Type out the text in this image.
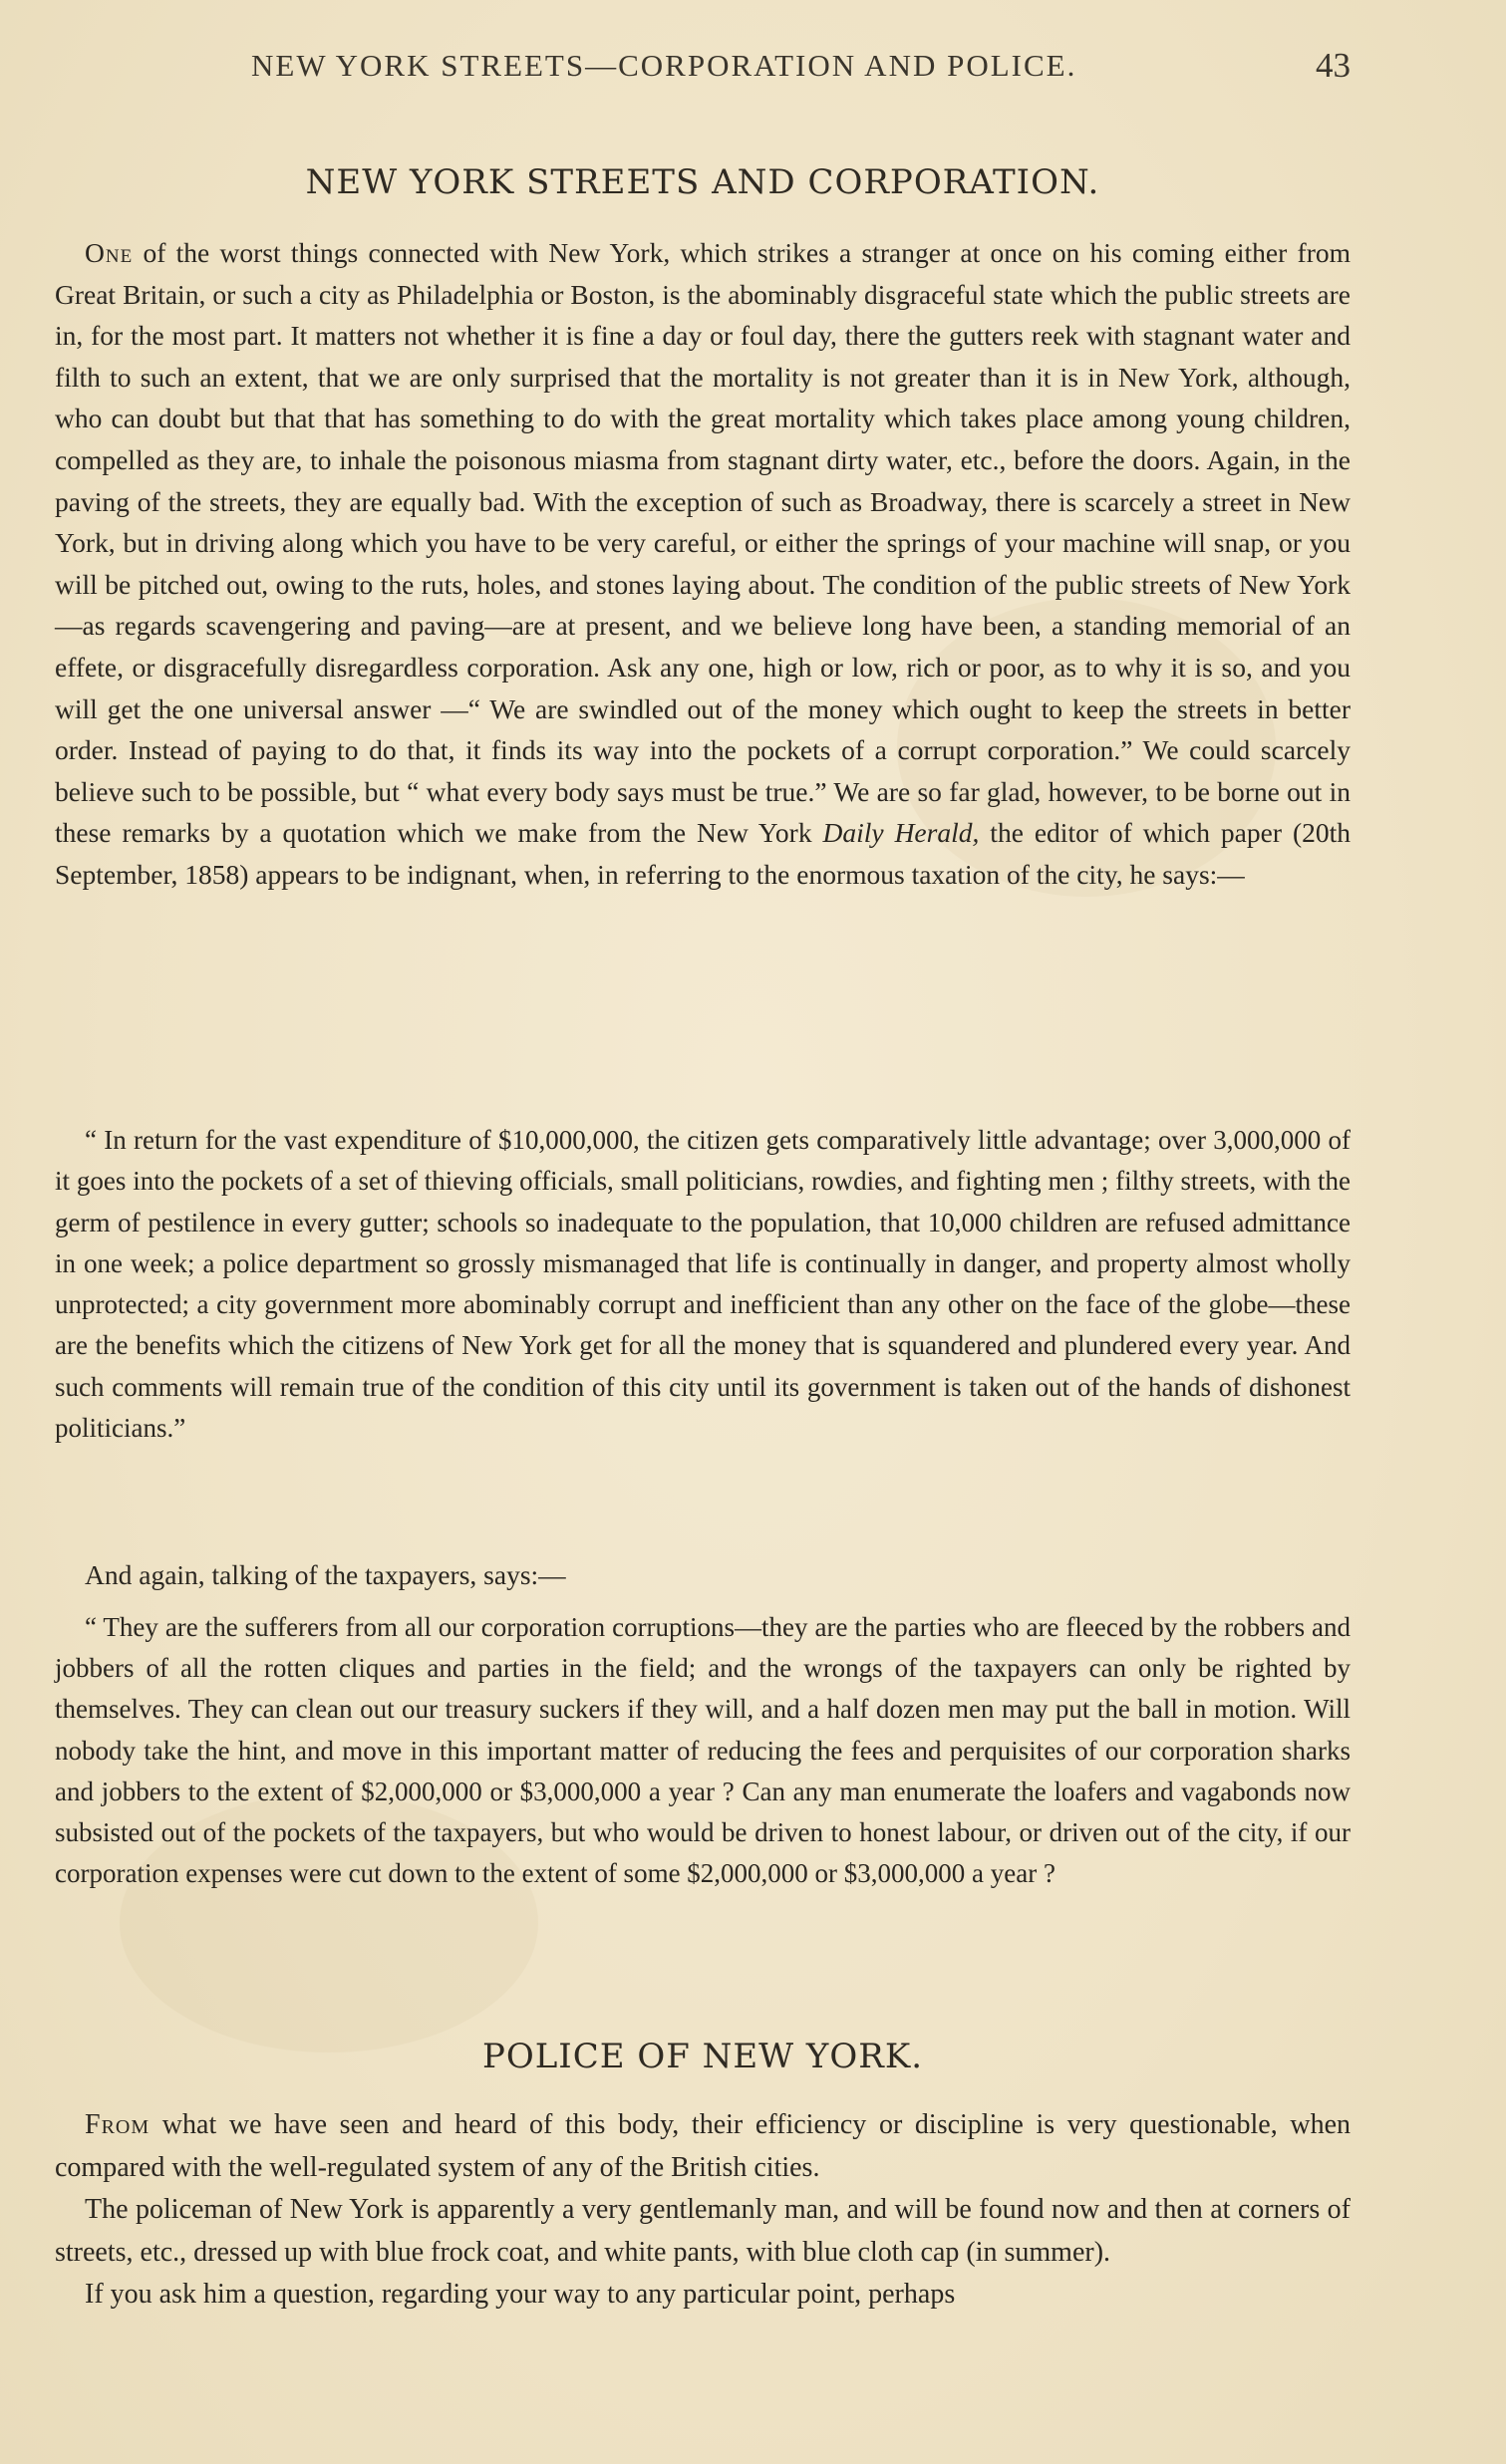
NEW YORK STREETS—CORPORATION AND POLICE.	43
NEW YORK STREETS AND CORPORATION.

One of the worst things connected with New York, which strikes a stranger at once on his coming either from Great Britain, or such a city as Philadelphia or Boston, is the abominably disgraceful state which the public streets are in, for the most part. It matters not whether it is fine a day or foul day, there the gutters reek with stagnant water and filth to such an extent, that we are only surprised that the mortality is not greater than it is in New York, although, who can doubt but that that has something to do with the great mortality which takes place among young children, compelled as they are, to inhale the poisonous miasma from stagnant dirty water, etc., before the doors. Again, in the paving of the streets, they are equally bad. With the exception of such as Broadway, there is scarcely a street in New York, but in driving along which you have to be very careful, or either the springs of your machine will snap, or you will be pitched out, owing to the ruts, holes, and stones laying about. The condition of the public streets of New York—as regards scavengering and paving—are at present, and we believe long have been, a standing memorial of an effete, or disgracefully disregardless corporation. Ask any one, high or low, rich or poor, as to why it is so, and you will get the one universal answer —“ We are swindled out of the money which ought to keep the streets in better order. Instead of paying to do that, it finds its way into the pockets of a corrupt corporation.” We could scarcely believe such to be possible, but “ what every body says must be true.” We are so far glad, however, to be borne out in these remarks by a quotation which we make from the New York Daily Herald, the editor of which paper (20th September, 1858) appears to be indignant, when, in referring to the enormous taxation of the city, he says:—

“ In return for the vast expenditure of $10,000,000, the citizen gets comparatively little advantage; over 3,000,000 of it goes into the pockets of a set of thieving officials, small politicians, rowdies, and fighting men ; filthy streets, with the germ of pestilence in every gutter; schools so inadequate to the population, that 10,000 children are refused admittance in one week; a police department so grossly mismanaged that life is continually in danger, and property almost wholly unprotected; a city government more abominably corrupt and inefficient than any other on the face of the globe—these are the benefits which the citizens of New York get for all the money that is squandered and plundered every year. And such comments will remain true of the condition of this city until its government is taken out of the hands of dishonest politicians.”

And again, talking of the taxpayers, says:—

“ They are the sufferers from all our corporation corruptions—they are the parties who are fleeced by the robbers and jobbers of all the rotten cliques and parties in the field; and the wrongs of the taxpayers can only be righted by themselves. They can clean out our treasury suckers if they will, and a half dozen men may put the ball in motion. Will nobody take the hint, and move in this important matter of reducing the fees and perquisites of our corporation sharks and jobbers to the extent of $2,000,000 or $3,000,000 a year ? Can any man enumerate the loafers and vagabonds now subsisted out of the pockets of the taxpayers, but who would be driven to honest labour, or driven out of the city, if our corporation expenses were cut down to the extent of some $2,000,000 or $3,000,000 a year ?

POLICE OF NEW YORK.

From what we have seen and heard of this body, their efficiency or discipline is very questionable, when compared with the well-regulated system of any of the British cities.

The policeman of New York is apparently a very gentlemanly man, and will be found now and then at corners of streets, etc., dressed up with blue frock coat, and white pants, with blue cloth cap (in summer).

If you ask him a question, regarding your way to any particular point, perhaps
